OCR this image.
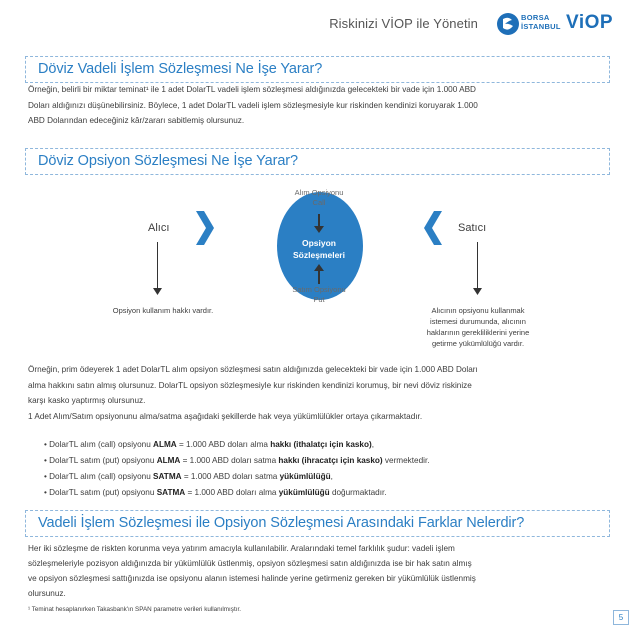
Riskinizi VİOP ile Yönetin	BORSA
İSTANBUL ViOP
Döviz Vadeli İşlem Sözleşmesi Ne İşe Yarar?
Örneğin, belirli bir miktar teminat¹ ile 1 adet DolarTL vadeli işlem sözleşmesi aldığınızda gelecekteki bir vade için 1.000 ABD
Doları aldığınızı düşünebilirsiniz. Böylece, 1 adet DolarTL vadeli işlem sözleşmesiyle kur riskinden kendinizi koruyarak 1.000
ABD Dolarından edeceğiniz kâr/zararı sabitlemiş olursunuz.
Döviz Opsiyon Sözleşmesi Ne İşe Yarar?
Alım Opsiyonu
Call
Opsiyon
Sözleşmeleri
Satım Opsiyonu
Put
Alıcı
Opsiyon kullanım hakkı vardır.
Satıcı
Alıcının opsiyonu kullanmak
istemesi durumunda, alıcının
haklarının gerekliliklerini yerine
getirme yükümlülüğü vardır.
Örneğin, prim ödeyerek 1 adet DolarTL alım opsiyon sözleşmesi satın aldığınızda gelecekteki bir vade için 1.000 ABD Doları
alma hakkını satın almış olursunuz. DolarTL opsiyon sözleşmesiyle kur riskinden kendinizi korumuş, bir nevi döviz riskinize
karşı kasko yaptırmış olursunuz.
1 Adet Alım/Satım opsiyonunu alma/satma aşağıdaki şekillerde hak veya yükümlülükler ortaya çıkarmaktadır.
• DolarTL alım (call) opsiyonu ALMA = 1.000 ABD doları alma hakkı (ithalatçı için kasko),
• DolarTL satım (put) opsiyonu ALMA = 1.000 ABD doları satma hakkı (ihracatçı için kasko) vermektedir.
• DolarTL alım (call) opsiyonu SATMA = 1.000 ABD doları satma yükümlülüğü,
• DolarTL satım (put) opsiyonu SATMA = 1.000 ABD doları alma yükümlülüğü doğurmaktadır.
Vadeli İşlem Sözleşmesi ile Opsiyon Sözleşmesi Arasındaki Farklar Nelerdir?
Her iki sözleşme de riskten korunma veya yatırım amacıyla kullanılabilir. Aralarındaki temel farklılık şudur: vadeli işlem
sözleşmeleriyle pozisyon aldığınızda bir yükümlülük üstlenmiş, opsiyon sözleşmesi satın aldığınızda ise bir hak satın almış
ve opsiyon sözleşmesi sattığınızda ise opsiyonu alanın istemesi halinde yerine getirmeniz gereken bir yükümlülük üstlenmiş
olursunuz.
¹ Teminat hesaplanırken Takasbank'ın SPAN parametre verileri kullanılmıştır.
5
